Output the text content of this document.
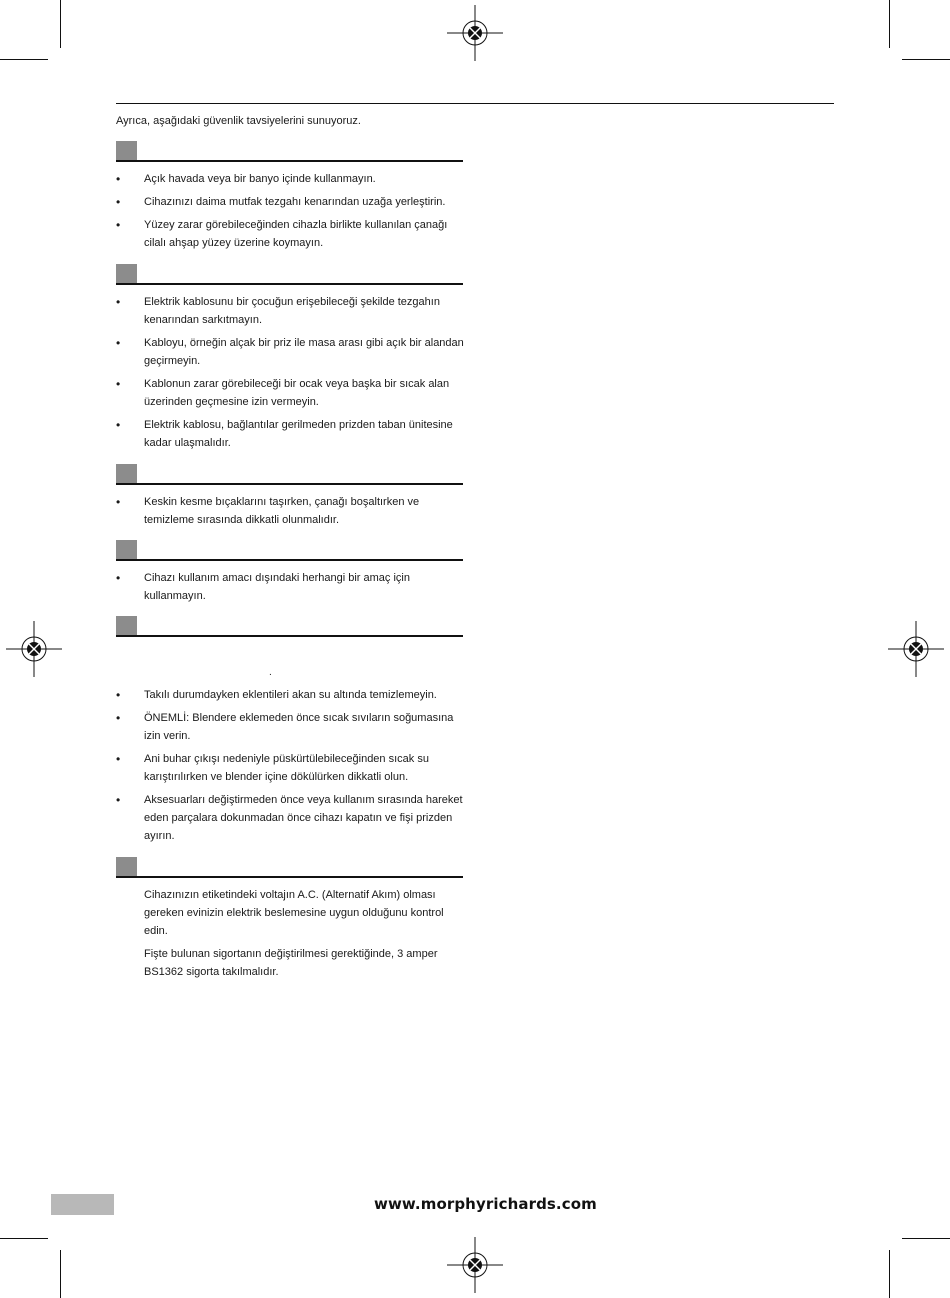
Ayrıca, aşağıdaki güvenlik tavsiyelerini sunuyoruz.
• Açık havada veya bir banyo içinde kullanmayın.
• Cihazınızı daima mutfak tezgahı kenarından uzağa yerleştirin.
• Yüzey zarar görebileceğinden cihazla birlikte kullanılan çanağı cilalı ahşap yüzey üzerine koymayın.
• Elektrik kablosunu bir çocuğun erişebileceği şekilde tezgahın kenarından sarkıtmayın.
• Kabloyu, örneğin alçak bir priz ile masa arası gibi açık bir alandan geçirmeyin.
• Kablonun zarar görebileceği bir ocak veya başka bir sıcak alan üzerinden geçmesine izin vermeyin.
• Elektrik kablosu, bağlantılar gerilmeden prizden taban ünitesine kadar ulaşmalıdır.
• Keskin kesme bıçaklarını taşırken, çanağı boşaltırken ve temizleme sırasında dikkatli olunmalıdır.
• Cihazı kullanım amacı dışındaki herhangi bir amaç için kullanmayın.
.
• Takılı durumdayken eklentileri akan su altında temizlemeyin.
• ÖNEMLİ: Blendere eklemeden önce sıcak sıvıların soğumasına izin verin.
• Ani buhar çıkışı nedeniyle püskürtülebileceğinden sıcak su karıştırılırken ve blender içine dökülürken dikkatli olun.
• Aksesuarları değiştirmeden önce veya kullanım sırasında hareket eden parçalara dokunmadan önce cihazı kapatın ve fişi prizden ayırın.
Cihazınızın etiketindeki voltajın A.C. (Alternatif Akım) olması gereken evinizin elektrik beslemesine uygun olduğunu kontrol edin.
Fişte bulunan sigortanın değiştirilmesi gerektiğinde, 3 amper BS1362 sigorta takılmalıdır.
www.morphyrichards.com
